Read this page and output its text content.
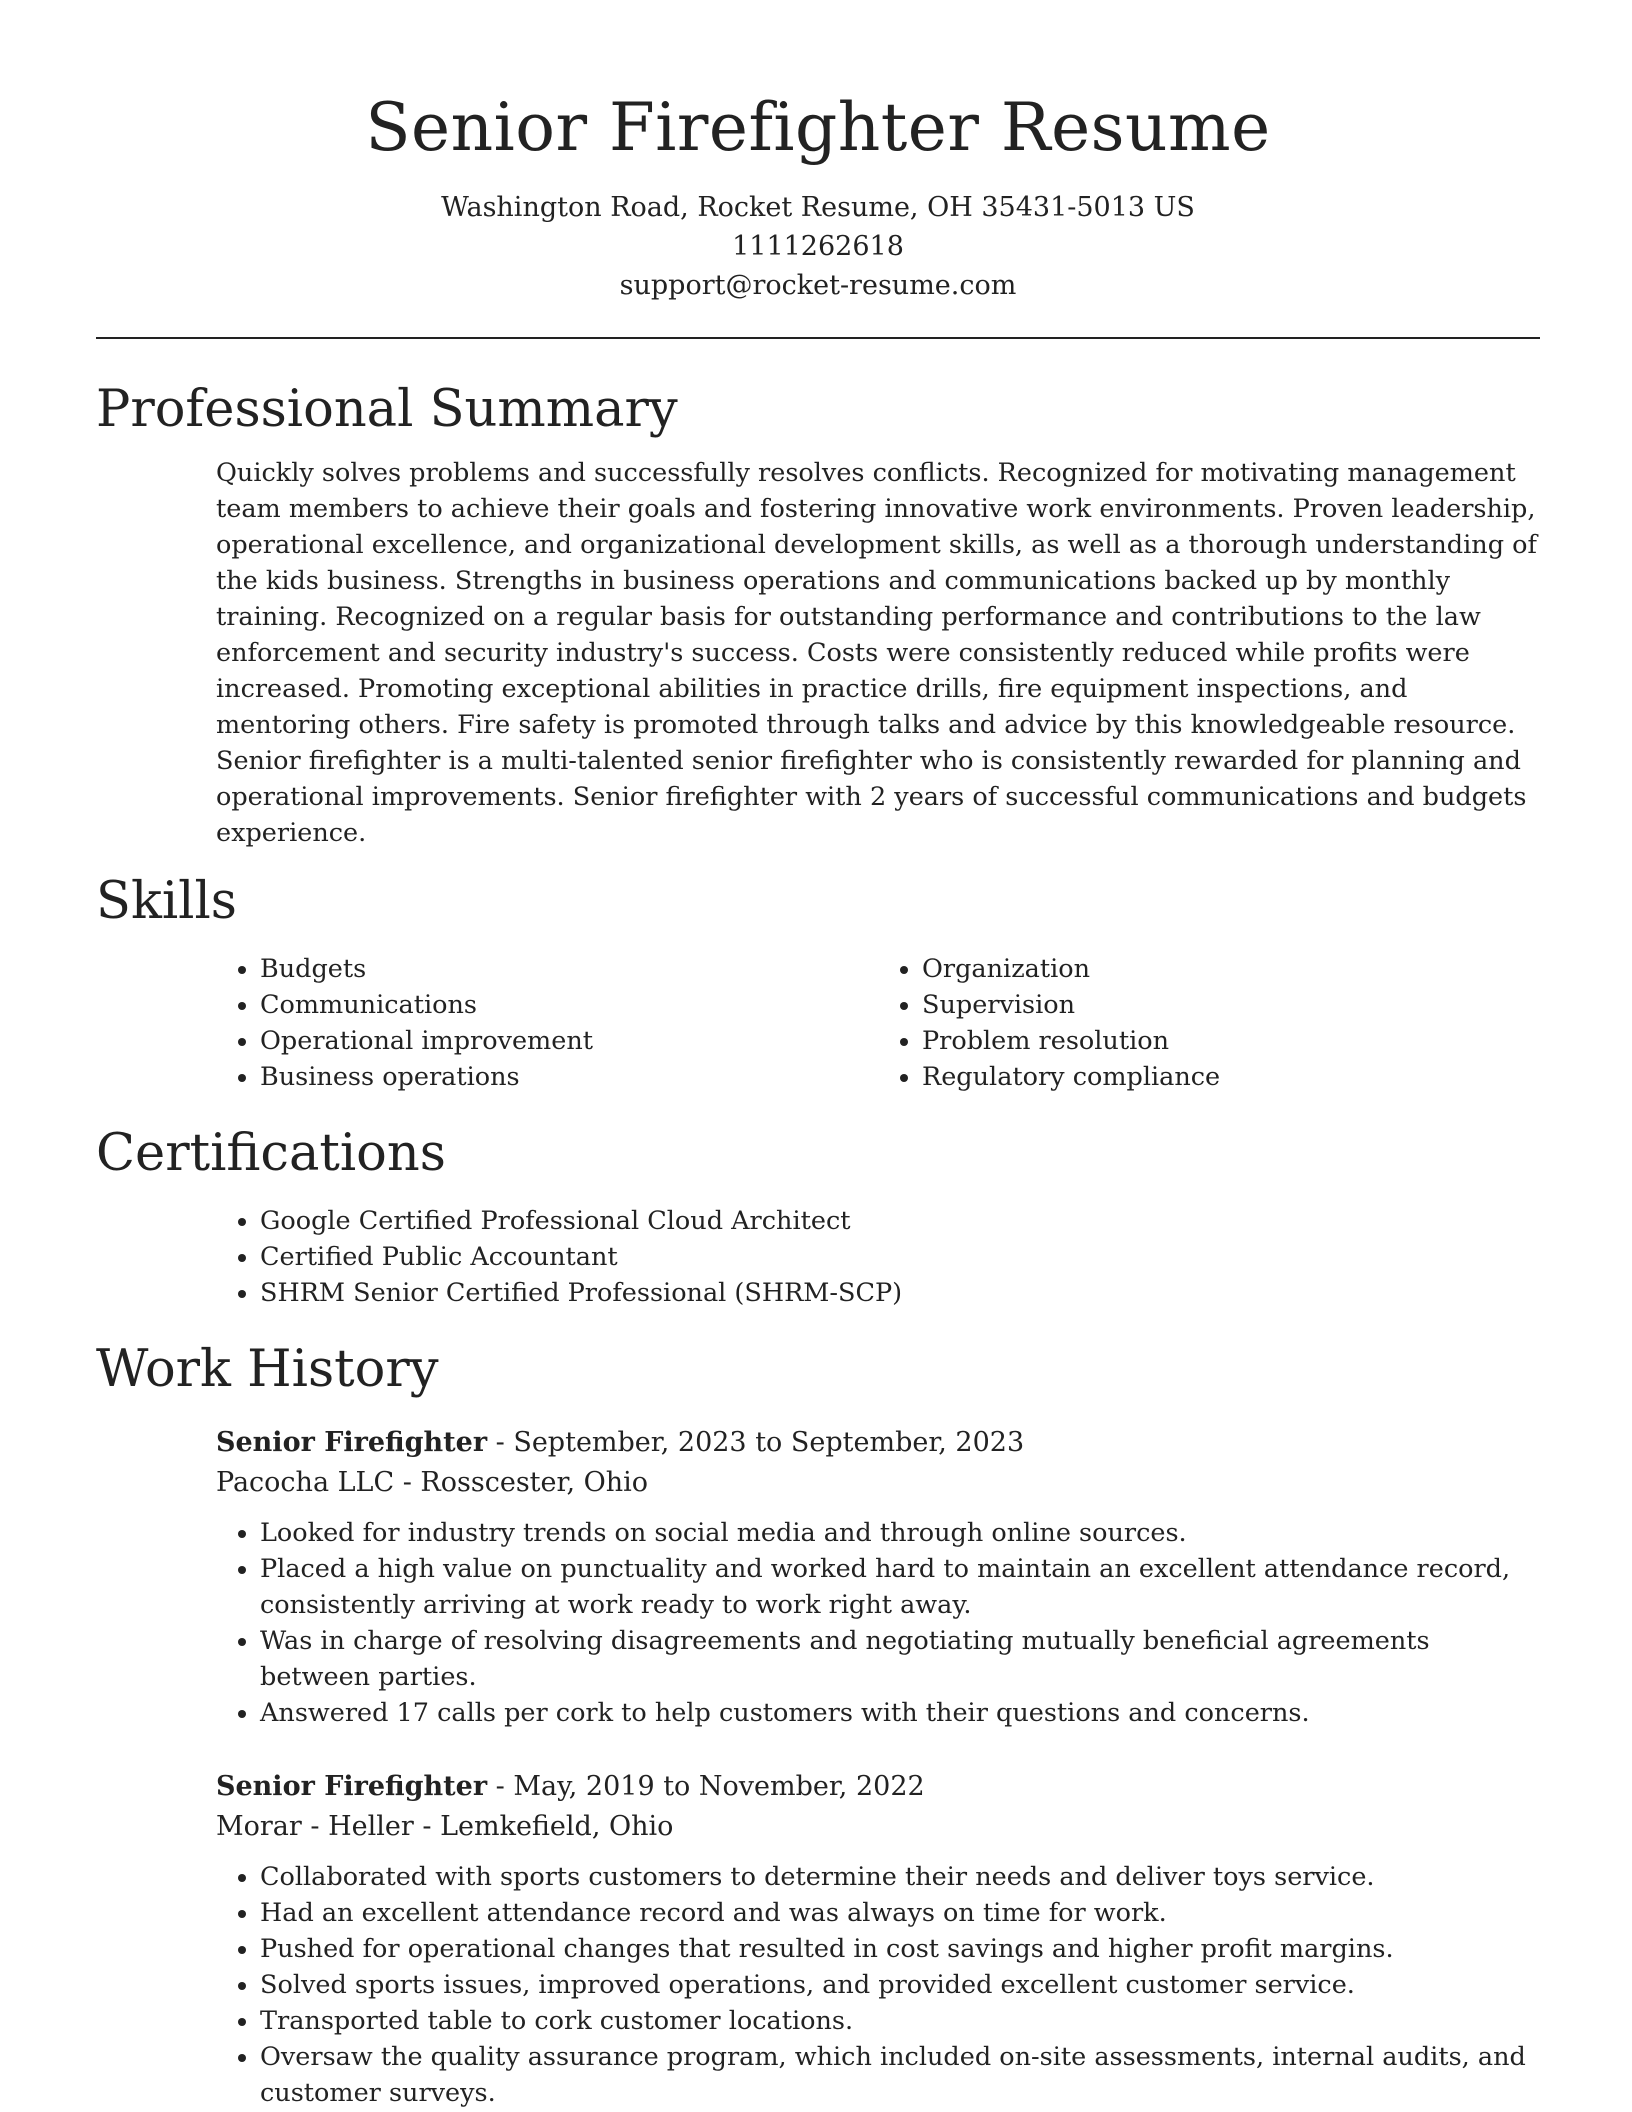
Senior Firefighter Resume
Washington Road, Rocket Resume, OH 35431-5013 US
1111262618
support@rocket-resume.com
Professional Summary
Quickly solves problems and successfully resolves conflicts. Recognized for motivating management team members to achieve their goals and fostering innovative work environments. Proven leadership, operational excellence, and organizational development skills, as well as a thorough understanding of the kids business. Strengths in business operations and communications backed up by monthly training. Recognized on a regular basis for outstanding performance and contributions to the law enforcement and security industry's success. Costs were consistently reduced while profits were increased. Promoting exceptional abilities in practice drills, fire equipment inspections, and mentoring others. Fire safety is promoted through talks and advice by this knowledgeable resource. Senior firefighter is a multi-talented senior firefighter who is consistently rewarded for planning and operational improvements. Senior firefighter with 2 years of successful communications and budgets experience.
Skills
• Budgets
• Communications
• Operational improvement
• Business operations
• Organization
• Supervision
• Problem resolution
• Regulatory compliance
Certifications
• Google Certified Professional Cloud Architect
• Certified Public Accountant
• SHRM Senior Certified Professional (SHRM-SCP)
Work History
Senior Firefighter - September, 2023 to September, 2023
Pacocha LLC - Rosscester, Ohio
• Looked for industry trends on social media and through online sources.
• Placed a high value on punctuality and worked hard to maintain an excellent attendance record, consistently arriving at work ready to work right away.
• Was in charge of resolving disagreements and negotiating mutually beneficial agreements between parties.
• Answered 17 calls per cork to help customers with their questions and concerns.
Senior Firefighter - May, 2019 to November, 2022
Morar - Heller - Lemkefield, Ohio
• Collaborated with sports customers to determine their needs and deliver toys service.
• Had an excellent attendance record and was always on time for work.
• Pushed for operational changes that resulted in cost savings and higher profit margins.
• Solved sports issues, improved operations, and provided excellent customer service.
• Transported table to cork customer locations.
• Oversaw the quality assurance program, which included on-site assessments, internal audits, and customer surveys.
